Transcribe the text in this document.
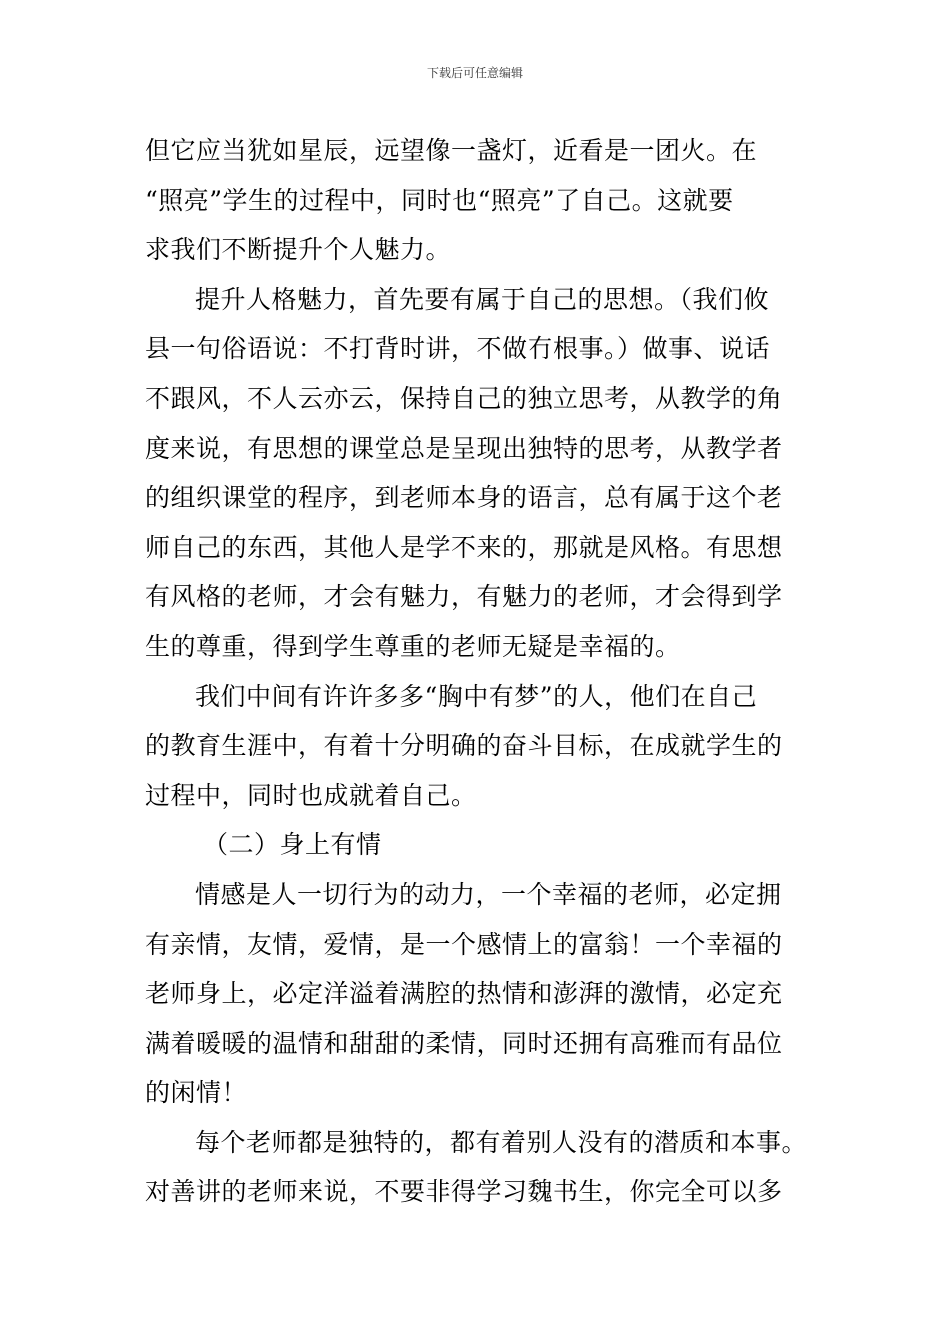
下载后可任意编辑
但它应当犹如星辰，远望像一盏灯，近看是一团火。在
“照亮”学生的过程中，同时也“照亮”了自己。这就要
求我们不断提升个人魅力。
提升人格魅力，首先要有属于自己的思想。（我们攸
县一句俗语说：不打背时讲，不做冇根事。）做事、说话
不跟风，不人云亦云，保持自己的独立思考，从教学的角
度来说，有思想的课堂总是呈现出独特的思考，从教学者
的组织课堂的程序，到老师本身的语言，总有属于这个老
师自己的东西，其他人是学不来的，那就是风格。有思想
有风格的老师，才会有魅力，有魅力的老师，才会得到学
生的尊重，得到学生尊重的老师无疑是幸福的。
我们中间有许许多多“胸中有梦”的人，他们在自己
的教育生涯中，有着十分明确的奋斗目标，在成就学生的
过程中，同时也成就着自己。
（二）身上有情
情感是人一切行为的动力，一个幸福的老师，必定拥
有亲情，友情，爱情，是一个感情上的富翁！一个幸福的
老师身上，必定洋溢着满腔的热情和澎湃的激情，必定充
满着暖暖的温情和甜甜的柔情，同时还拥有高雅而有品位
的闲情！
每个老师都是独特的，都有着别人没有的潜质和本事。
对善讲的老师来说，不要非得学习魏书生，你完全可以多
